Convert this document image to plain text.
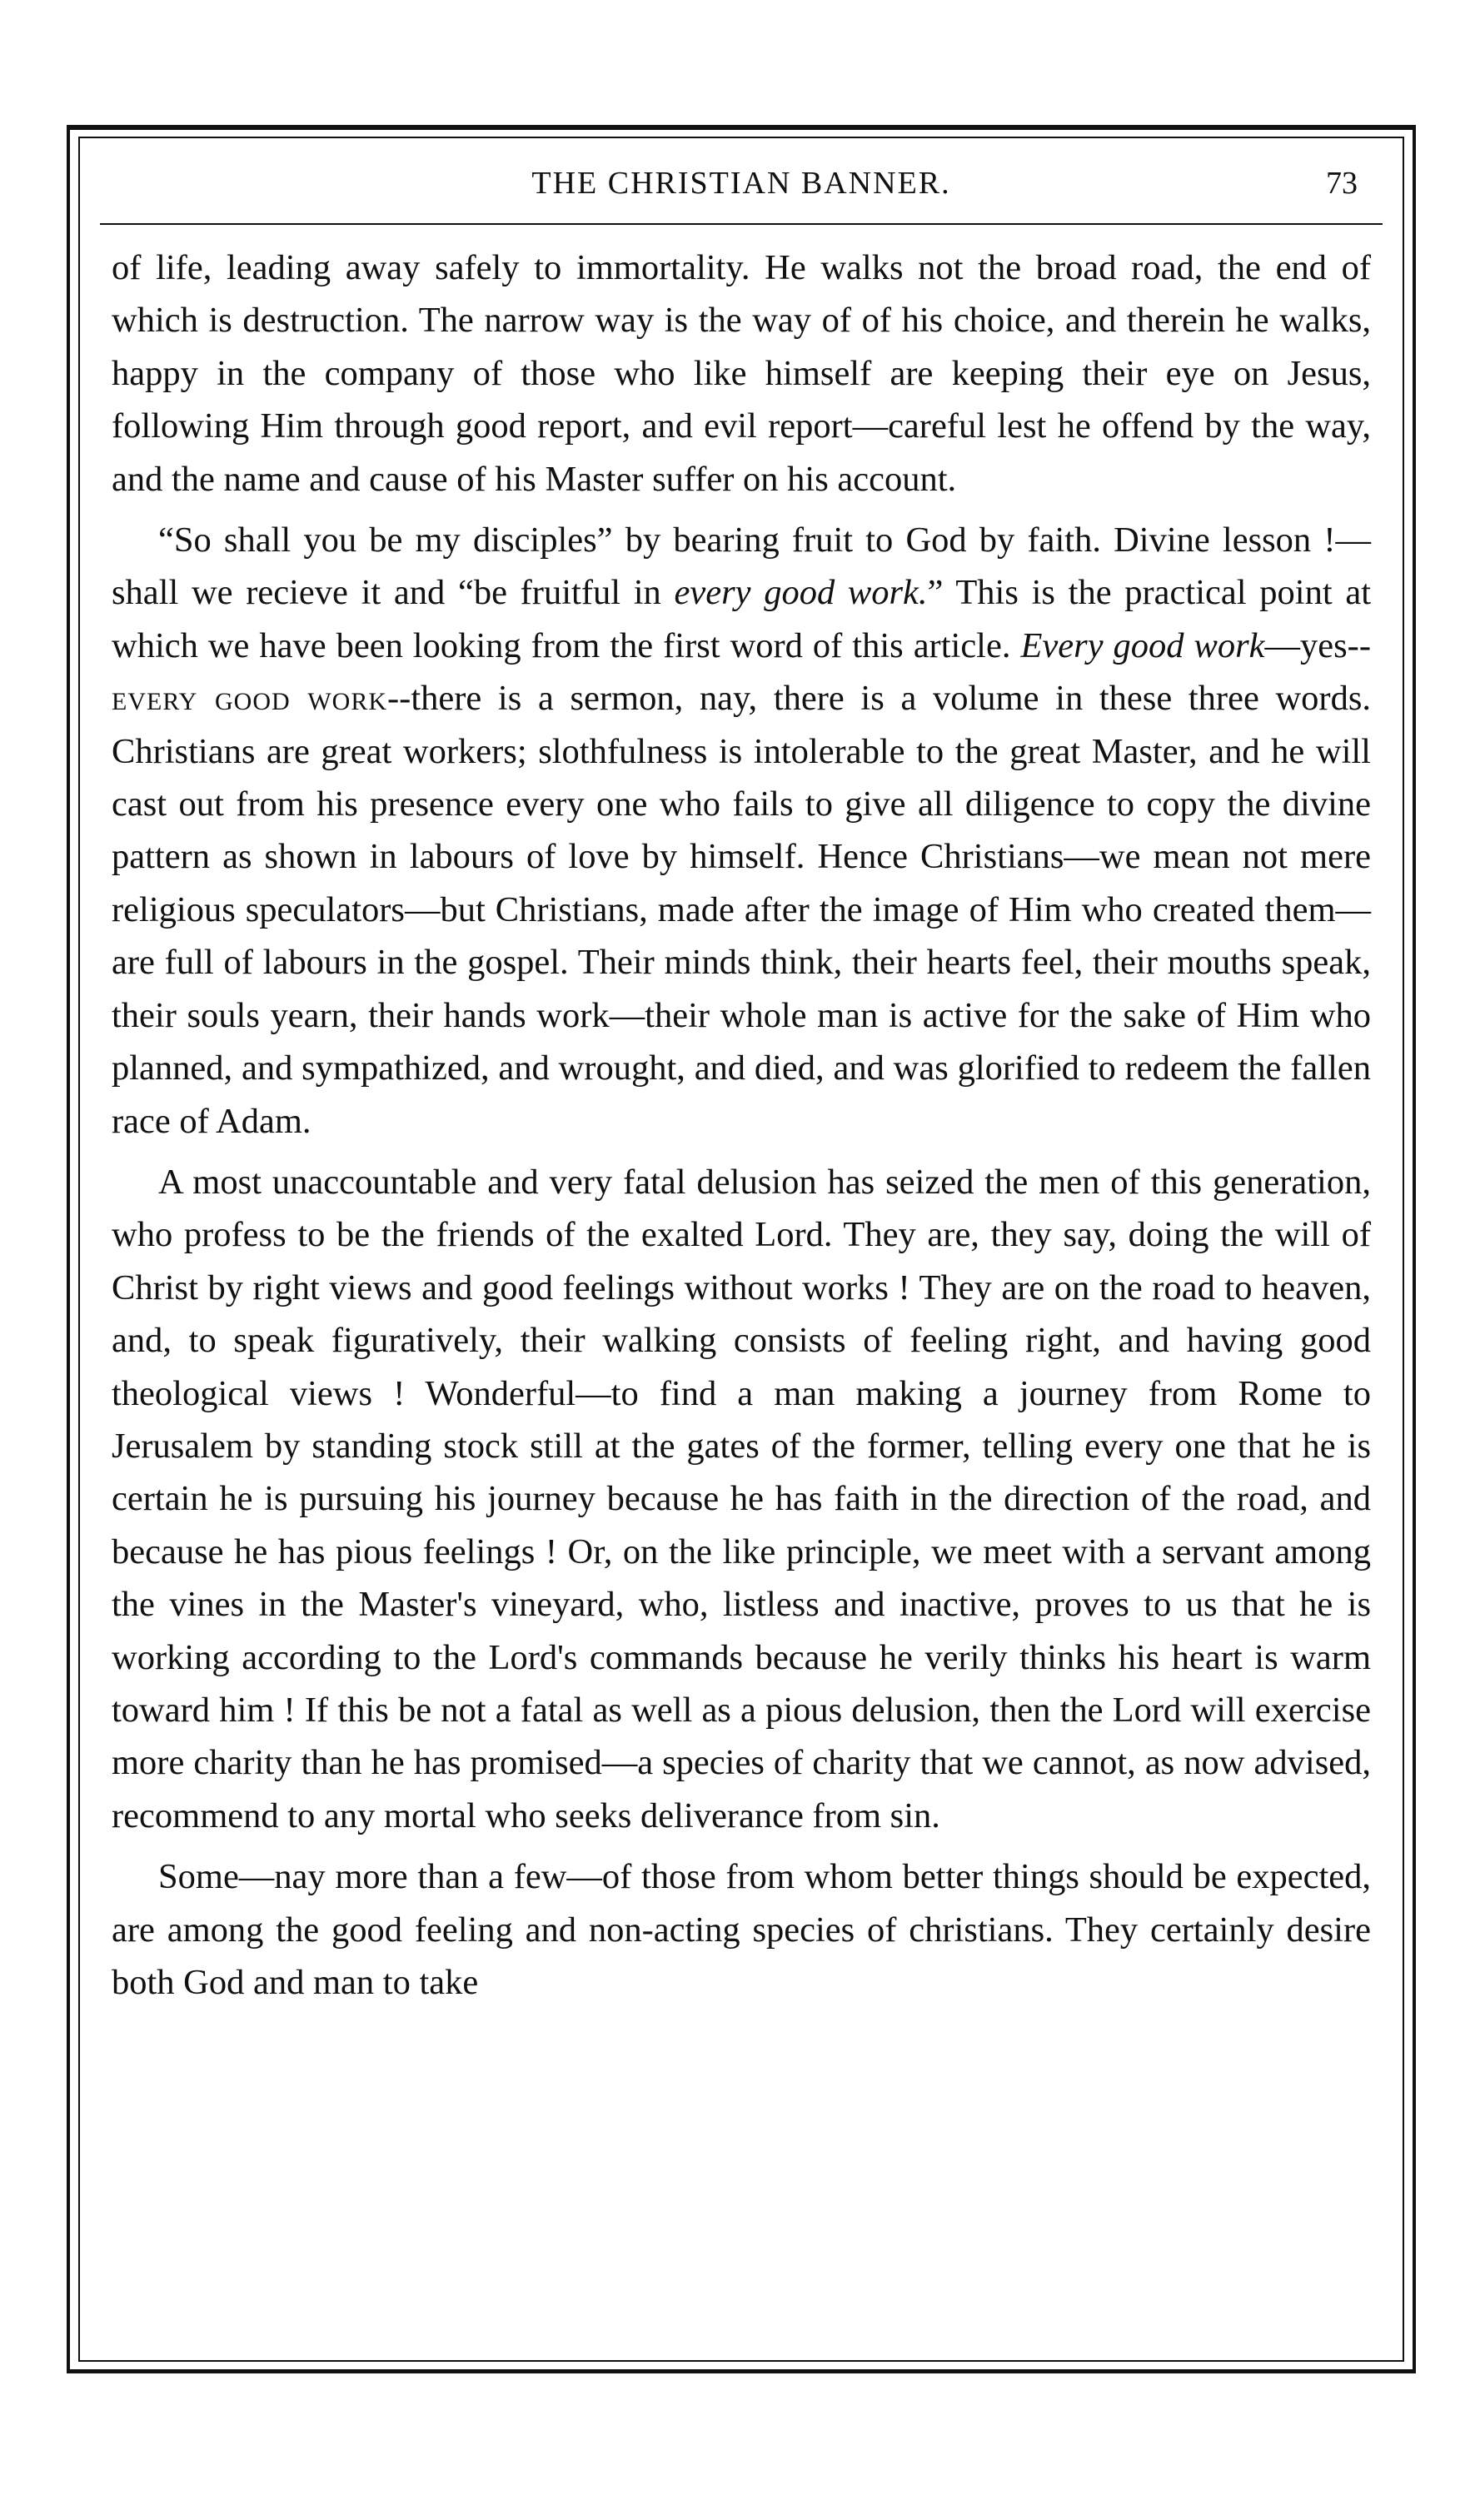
THE CHRISTIAN BANNER.	73

of life, leading away safely to immortality. He walks not the broad road, the end of which is destruction. The narrow way is the way of of his choice, and therein he walks, happy in the company of those who like himself are keeping their eye on Jesus, following Him through good report, and evil report—careful lest he offend by the way, and the name and cause of his Master suffer on his account.

“So shall you be my disciples” by bearing fruit to God by faith. Divine lesson !—shall we recieve it and “be fruitful in every good work.” This is the practical point at which we have been looking from the first word of this article. Every good work—yes-- every good work--there is a sermon, nay, there is a volume in these three words. Christians are great workers; slothfulness is intolerable to the great Master, and he will cast out from his presence every one who fails to give all diligence to copy the divine pattern as shown in labours of love by himself. Hence Christians—we mean not mere religious speculators—but Christians, made after the image of Him who created them—are full of labours in the gospel. Their minds think, their hearts feel, their mouths speak, their souls yearn, their hands work—their whole man is active for the sake of Him who planned, and sympathized, and wrought, and died, and was glorified to redeem the fallen race of Adam.

A most unaccountable and very fatal delusion has seized the men of this generation, who profess to be the friends of the exalted Lord. They are, they say, doing the will of Christ by right views and good feelings without works ! They are on the road to heaven, and, to speak figuratively, their walking consists of feeling right, and having good theological views ! Wonderful—to find a man making a journey from Rome to Jerusalem by standing stock still at the gates of the former, telling every one that he is certain he is pursuing his journey because he has faith in the direction of the road, and because he has pious feelings ! Or, on the like principle, we meet with a servant among the vines in the Master's vineyard, who, listless and inactive, proves to us that he is working according to the Lord's commands because he verily thinks his heart is warm toward him ! If this be not a fatal as well as a pious delusion, then the Lord will exercise more charity than he has promised—a species of charity that we cannot, as now advised, recommend to any mortal who seeks deliverance from sin.

Some—nay more than a few—of those from whom better things should be expected, are among the good feeling and non-acting species of christians. They certainly desire both God and man to take
